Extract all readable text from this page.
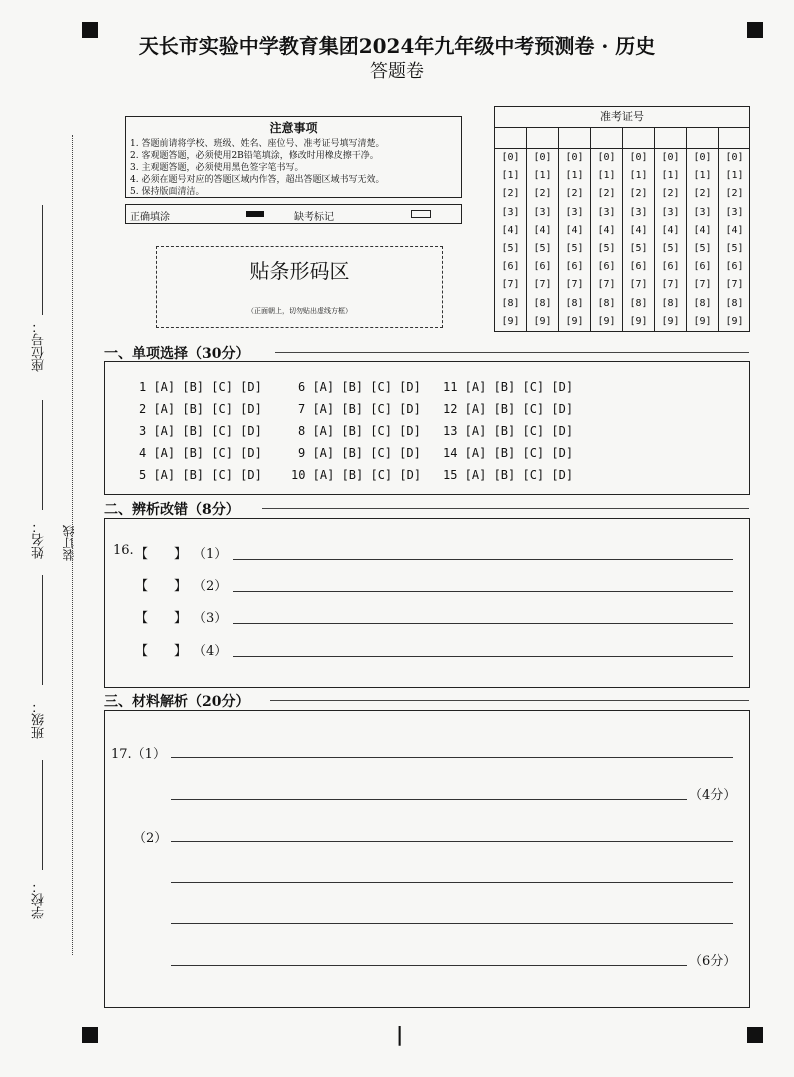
天长市实验中学教育集团2024年九年级中考预测卷 · 历史
答题卷
座位号：
姓名： 装订线
班级：
学校：
注意事项
1. 答题前请将学校、班级、姓名、座位号、准考证号填写清楚。
2. 客观题答题，必须使用2B铅笔填涂，修改时用橡皮擦干净。
3. 主观题答题，必须使用黑色签字笔书写。
4. 必须在题号对应的答题区域内作答，超出答题区域书写无效。
5. 保持版面清洁。
正确填涂	缺考标记
贴条形码区
（正面朝上，切勿贴出虚线方框）
准考证号
[0]
[1]
[2]
[3]
[4]
[5]
[6]
[7]
[8]
[9]
[0]
[1]
[2]
[3]
[4]
[5]
[6]
[7]
[8]
[9]
[0]
[1]
[2]
[3]
[4]
[5]
[6]
[7]
[8]
[9]
[0]
[1]
[2]
[3]
[4]
[5]
[6]
[7]
[8]
[9]
[0]
[1]
[2]
[3]
[4]
[5]
[6]
[7]
[8]
[9]
[0]
[1]
[2]
[3]
[4]
[5]
[6]
[7]
[8]
[9]
[0]
[1]
[2]
[3]
[4]
[5]
[6]
[7]
[8]
[9]
[0]
[1]
[2]
[3]
[4]
[5]
[6]
[7]
[8]
[9]
一、单项选择（30分）
1 [A] [B] [C] [D]
2 [A] [B] [C] [D]
3 [A] [B] [C] [D]
4 [A] [B] [C] [D]
5 [A] [B] [C] [D]
6 [A] [B] [C] [D]
7 [A] [B] [C] [D]
8 [A] [B] [C] [D]
9 [A] [B] [C] [D]
10 [A] [B] [C] [D]
11 [A] [B] [C] [D]
12 [A] [B] [C] [D]
13 [A] [B] [C] [D]
14 [A] [B] [C] [D]
15 [A] [B] [C] [D]
二、辨析改错（8分）
16. 【　　】 （1）
【　　】 （2）
【　　】 （3）
【　　】 （4）
三、材料解析（20分）
17.（1）
（4分）
（2）
（6分）
|
